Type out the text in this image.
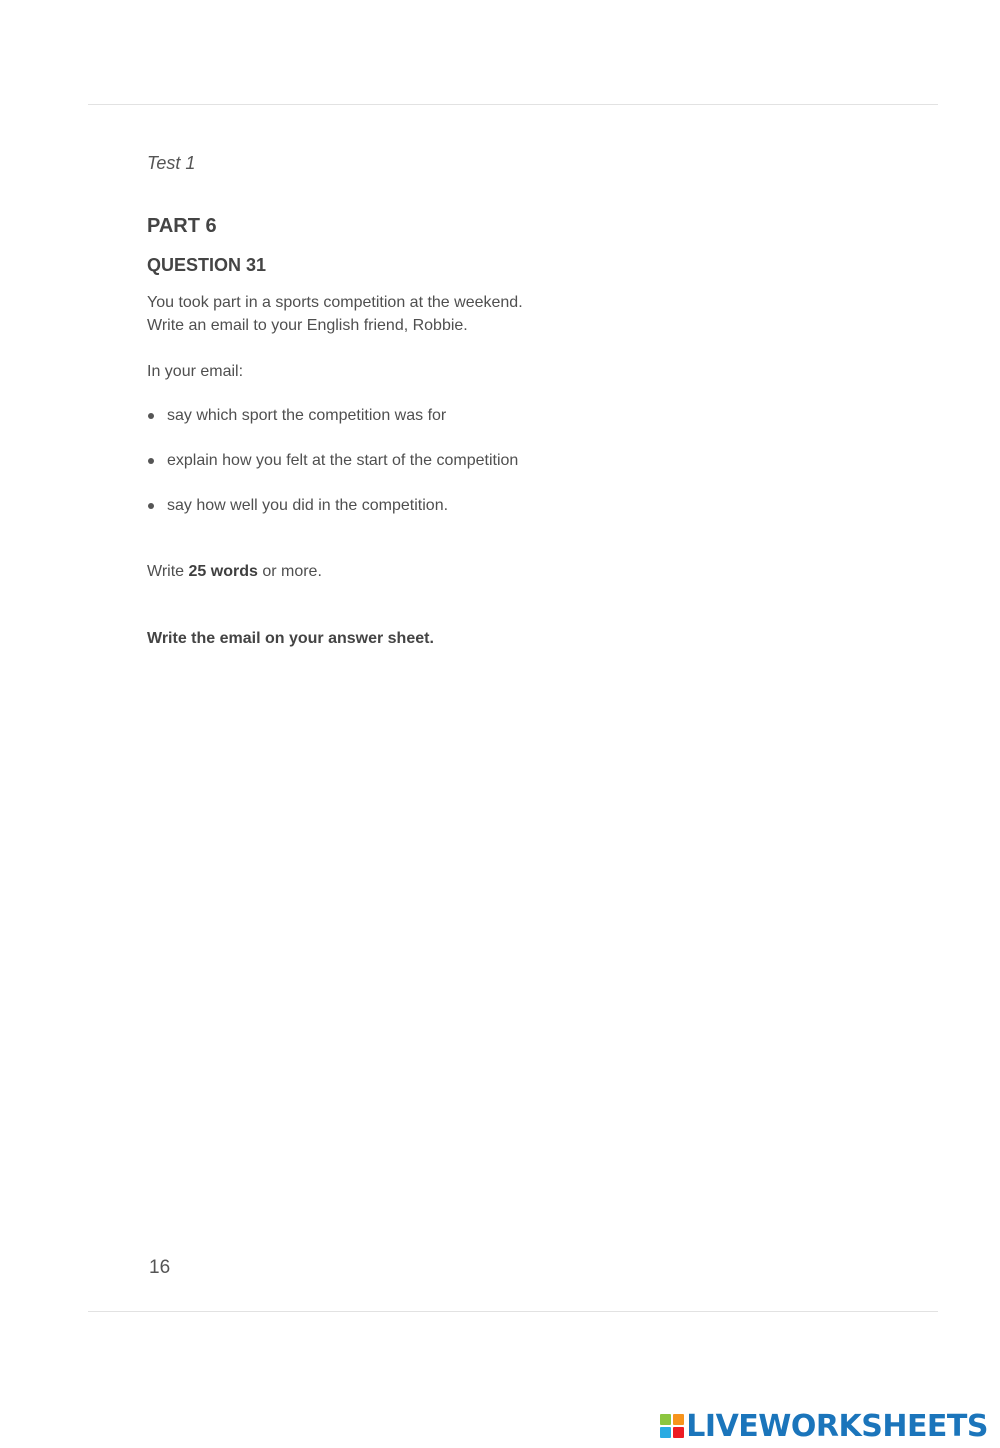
Test 1
PART 6
QUESTION 31
You took part in a sports competition at the weekend.
Write an email to your English friend, Robbie.
In your email:
say which sport the competition was for
explain how you felt at the start of the competition
say how well you did in the competition.
Write 25 words or more.
Write the email on your answer sheet.
16
LIVEWORKSHEETS
